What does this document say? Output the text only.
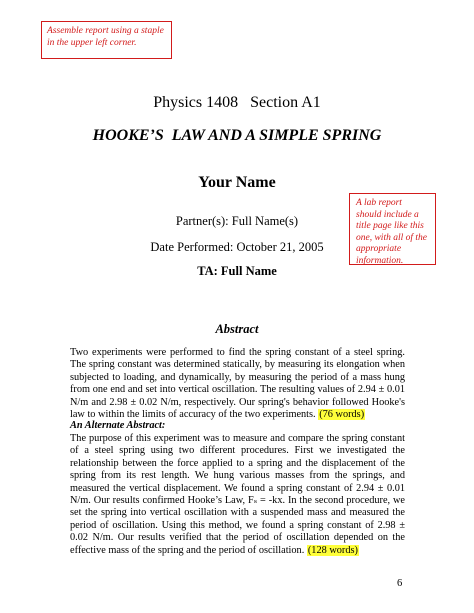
Assemble report using a staple in the upper left corner.
Physics 1408   Section A1
HOOKE’S  LAW AND A SIMPLE SPRING
Your Name
A lab report should include a title page like this one, with all of the appropriate information.
Partner(s): Full Name(s)
Date Performed: October 21, 2005
TA: Full Name
Abstract
Two experiments were performed to find the spring constant of a steel spring. The spring constant was determined statically, by measuring its elongation when subjected to loading, and dynamically, by measuring the period of a mass hung from one end and set into vertical oscillation. The resulting values of 2.94 ± 0.01 N/m and 2.98 ± 0.02 N/m, respectively. Our spring's behavior followed Hooke's law to within the limits of accuracy of the two experiments. (76 words)
An Alternate Abstract:
The purpose of this experiment was to measure and compare the spring constant of a steel spring using two different procedures. First we investigated the relationship between the force applied to a spring and the displacement of the spring from its rest length. We hung various masses from the springs, and measured the vertical displacement. We found a spring constant of 2.94 ± 0.01 N/m. Our results confirmed Hooke’s Law, Fₛ = -kx. In the second procedure, we set the spring into vertical oscillation with a suspended mass and measured the period of oscillation. Using this method, we found a spring constant of 2.98 ± 0.02 N/m. Our results verified that the period of oscillation depended on the effective mass of the spring and the period of oscillation. (128 words)
6
